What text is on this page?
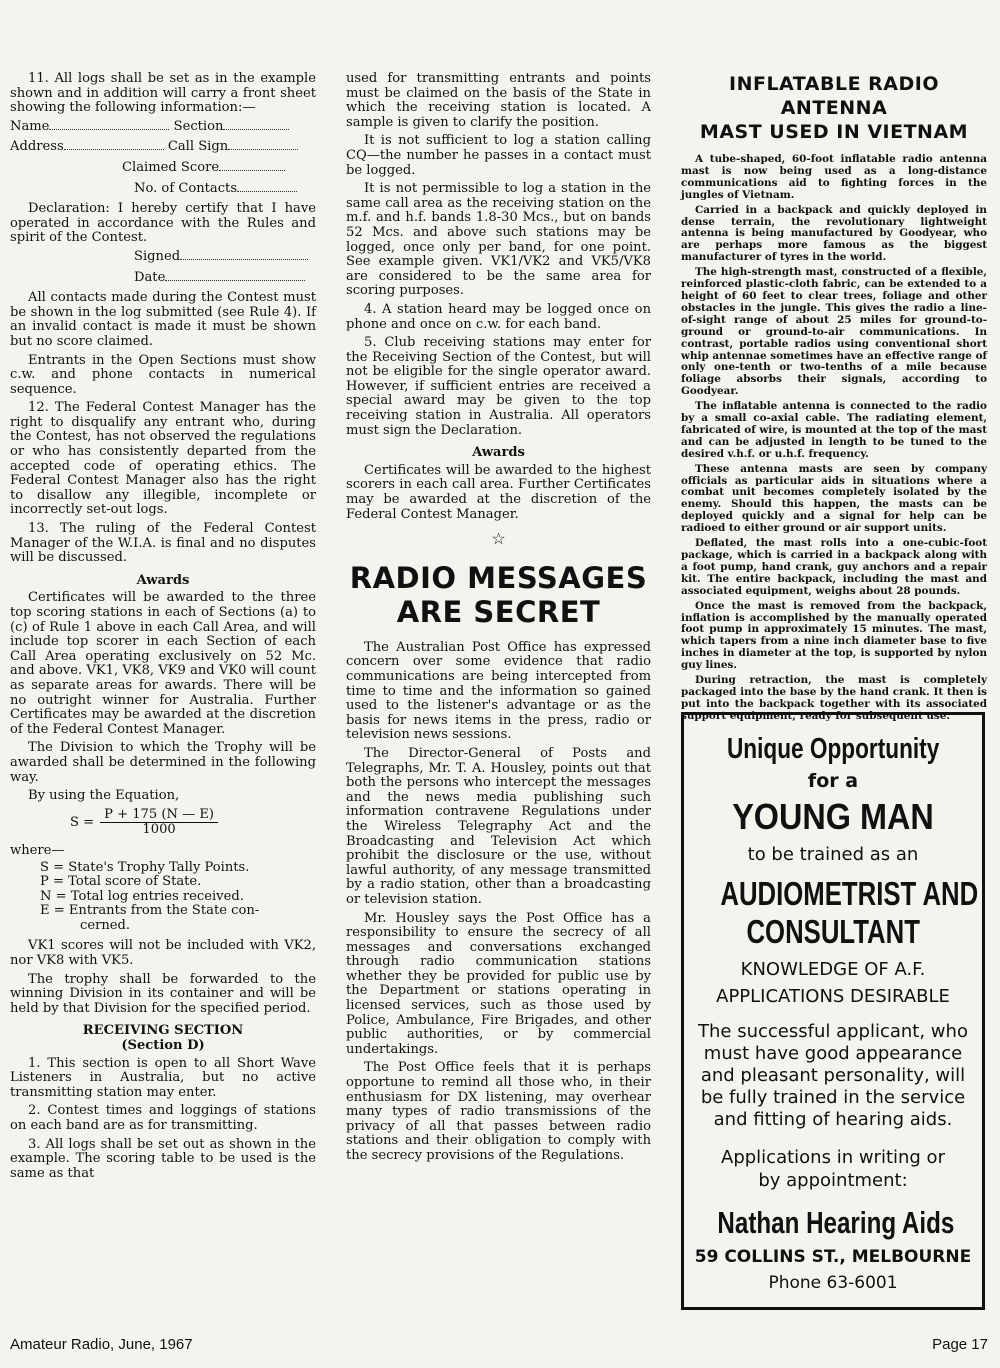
11. All logs shall be set as in the example shown and in addition will carry a front sheet showing the following information:—

Name	Section
Address	Call Sign
Claimed Score
No. of Contacts

Declaration: I hereby certify that I have operated in accordance with the Rules and spirit of the Contest.

Signed
Date

All contacts made during the Contest must be shown in the log submitted (see Rule 4). If an invalid contact is made it must be shown but no score claimed.

Entrants in the Open Sections must show c.w. and phone contacts in numerical sequence.

12. The Federal Contest Manager has the right to disqualify any entrant who, during the Contest, has not observed the regulations or who has consistently departed from the accepted code of operating ethics. The Federal Contest Manager also has the right to disallow any illegible, incomplete or incorrectly set-out logs.

13. The ruling of the Federal Contest Manager of the W.I.A. is final and no disputes will be discussed.

Awards

Certificates will be awarded to the three top scoring stations in each of Sections (a) to (c) of Rule 1 above in each Call Area, and will include top scorer in each Section of each Call Area operating exclusively on 52 Mc. and above. VK1, VK8, VK9 and VK0 will count as separate areas for awards. There will be no outright winner for Australia. Further Certificates may be awarded at the discretion of the Federal Contest Manager.

The Division to which the Trophy will be awarded shall be determined in the following way.

By using the Equation,

$S = \frac{P + 175 (N — E)}{1000}$
where—
S = State's Trophy Tally Points.
P = Total score of State.
N = Total log entries received.
E = Entrants from the State con-
cerned.

VK1 scores will not be included with VK2, nor VK8 with VK5.

The trophy shall be forwarded to the winning Division in its container and will be held by that Division for the specified period.

RECEIVING SECTION
(Section D)

1. This section is open to all Short Wave Listeners in Australia, but no active transmitting station may enter.

2. Contest times and loggings of stations on each band are as for transmitting.

3. All logs shall be set out as shown in the example. The scoring table to be used is the same as that

used for transmitting entrants and points must be claimed on the basis of the State in which the receiving station is located. A sample is given to clarify the position.

It is not sufficient to log a station calling CQ—the number he passes in a contact must be logged.

It is not permissible to log a station in the same call area as the receiving station on the m.f. and h.f. bands 1.8-30 Mcs., but on bands 52 Mcs. and above such stations may be logged, once only per band, for one point. See example given. VK1/VK2 and VK5/VK8 are considered to be the same area for scoring purposes.

4. A station heard may be logged once on phone and once on c.w. for each band.

5. Club receiving stations may enter for the Receiving Section of the Contest, but will not be eligible for the single operator award. However, if sufficient entries are received a special award may be given to the top receiving station in Australia. All operators must sign the Declaration.

Awards

Certificates will be awarded to the highest scorers in each call area. Further Certificates may be awarded at the discretion of the Federal Contest Manager.

☆
RADIO MESSAGES
ARE SECRET

The Australian Post Office has expressed concern over some evidence that radio communications are being intercepted from time to time and the information so gained used to the listener's advantage or as the basis for news items in the press, radio or television news sessions.

The Director-General of Posts and Telegraphs, Mr. T. A. Housley, points out that both the persons who intercept the messages and the news media publishing such information contravene Regulations under the Wireless Telegraphy Act and the Broadcasting and Television Act which prohibit the disclosure or the use, without lawful authority, of any message transmitted by a radio station, other than a broadcasting or television station.

Mr. Housley says the Post Office has a responsibility to ensure the secrecy of all messages and conversations exchanged through radio communication stations whether they be provided for public use by the Department or stations operating in licensed services, such as those used by Police, Ambulance, Fire Brigades, and other public authorities, or by commercial undertakings.

The Post Office feels that it is perhaps opportune to remind all those who, in their enthusiasm for DX listening, may overhear many types of radio transmissions of the privacy of all that passes between radio stations and their obligation to comply with the secrecy provisions of the Regulations.

INFLATABLE RADIO ANTENNA
MAST USED IN VIETNAM

A tube-shaped, 60-foot inflatable radio antenna mast is now being used as a long-distance communications aid to fighting forces in the jungles of Vietnam.

Carried in a backpack and quickly deployed in dense terrain, the revolutionary lightweight antenna is being manufactured by Goodyear, who are perhaps more famous as the biggest manufacturer of tyres in the world.

The high-strength mast, constructed of a flexible, reinforced plastic-cloth fabric, can be extended to a height of 60 feet to clear trees, foliage and other obstacles in the jungle. This gives the radio a line-of-sight range of about 25 miles for ground-to-ground or ground-to-air communications. In contrast, portable radios using conventional short whip antennae sometimes have an effective range of only one-tenth or two-tenths of a mile because foliage absorbs their signals, according to Goodyear.

The inflatable antenna is connected to the radio by a small co-axial cable. The radiating element, fabricated of wire, is mounted at the top of the mast and can be adjusted in length to be tuned to the desired v.h.f. or u.h.f. frequency.

These antenna masts are seen by company officials as particular aids in situations where a combat unit becomes completely isolated by the enemy. Should this happen, the masts can be deployed quickly and a signal for help can be radioed to either ground or air support units.

Deflated, the mast rolls into a one-cubic-foot package, which is carried in a backpack along with a foot pump, hand crank, guy anchors and a repair kit. The entire backpack, including the mast and associated equipment, weighs about 28 pounds.

Once the mast is removed from the backpack, inflation is accomplished by the manually operated foot pump in approximately 15 minutes. The mast, which tapers from a nine inch diameter base to five inches in diameter at the top, is supported by nylon guy lines.

During retraction, the mast is completely packaged into the base by the hand crank. It then is put into the backpack together with its associated support equipment, ready for subsequent use.

Unique Opportunity
for a
YOUNG MAN
to be trained as an
AUDIOMETRIST AND
CONSULTANT
KNOWLEDGE OF A.F.
APPLICATIONS DESIRABLE
The successful applicant, who must have good appearance and pleasant personality, will be fully trained in the service and fitting of hearing aids.
Applications in writing or
by appointment:
Nathan Hearing Aids
59 COLLINS ST., MELBOURNE
Phone 63-6001
Amateur Radio, June, 1967	Page 17
